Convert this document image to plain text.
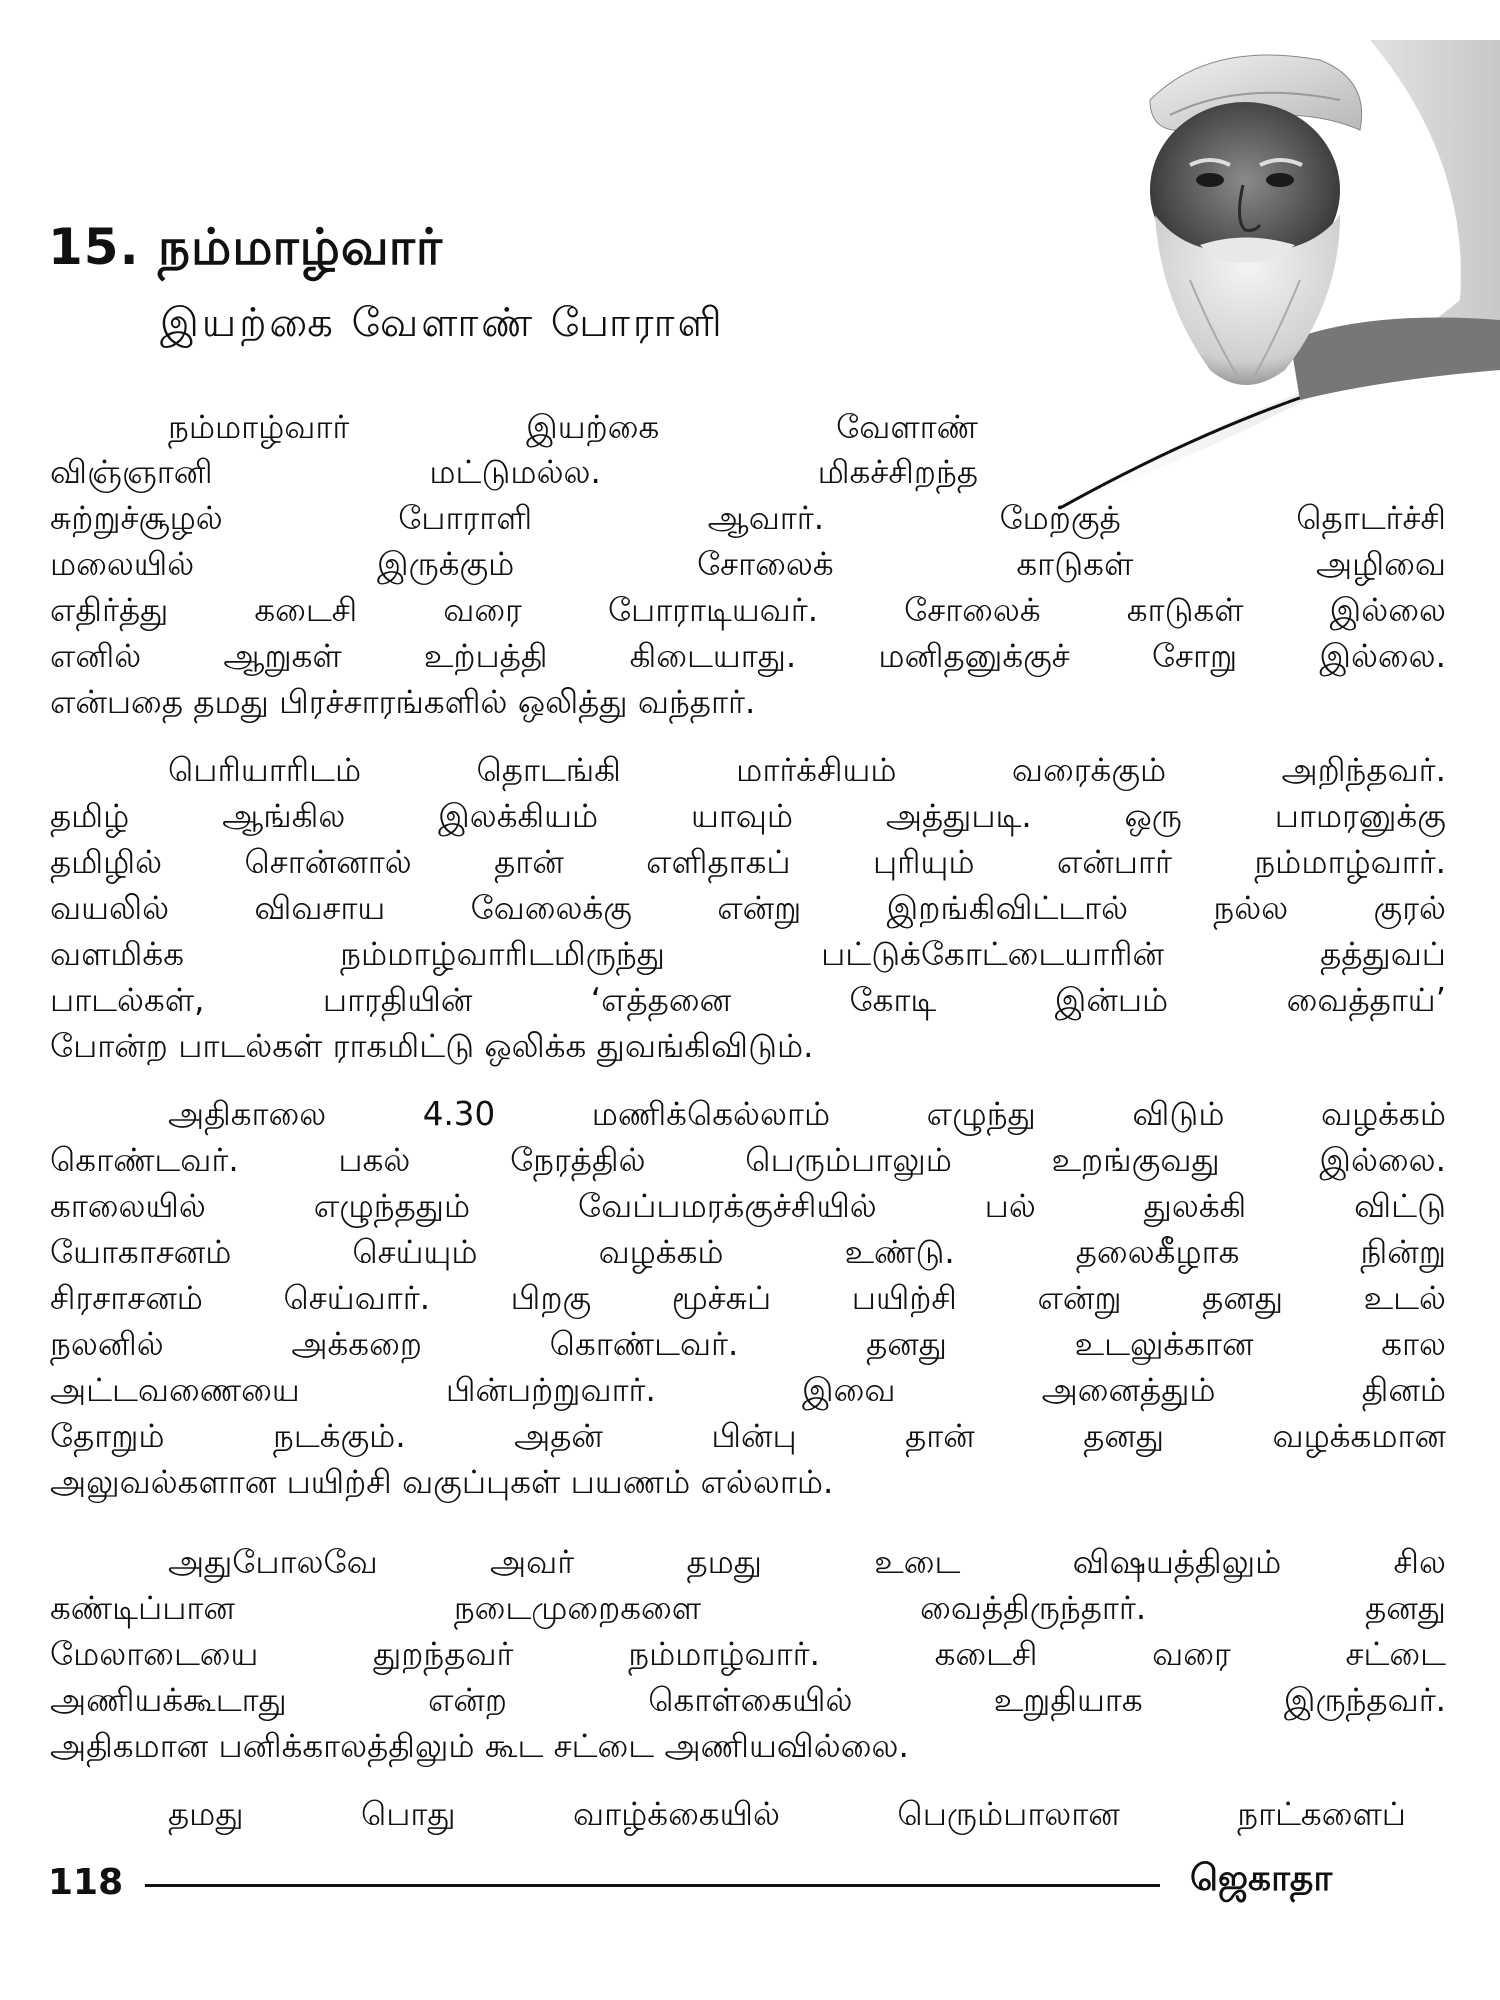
15. நம்மாழ்வார்
இயற்கை வேளாண் போராளி
நம்மாழ்வார் இயற்கை வேளாண்
விஞ்ஞானி மட்டுமல்ல. மிகச்சிறந்த
சுற்றுச்சூழல் போராளி ஆவார். மேற்குத் தொடர்ச்சி
மலையில் இருக்கும் சோலைக் காடுகள் அழிவை
எதிர்த்து கடைசி வரை போராடியவர். சோலைக் காடுகள் இல்லை
எனில் ஆறுகள் உற்பத்தி கிடையாது. மனிதனுக்குச் சோறு இல்லை.
என்பதை தமது பிரச்சாரங்களில் ஒலித்து வந்தார்.
பெரியாரிடம் தொடங்கி மார்க்சியம் வரைக்கும் அறிந்தவர்.
தமிழ் ஆங்கில இலக்கியம் யாவும் அத்துபடி. ஒரு பாமரனுக்கு
தமிழில் சொன்னால் தான் எளிதாகப் புரியும் என்பார் நம்மாழ்வார்.
வயலில் விவசாய வேலைக்கு என்று இறங்கிவிட்டால் நல்ல குரல்
வளமிக்க நம்மாழ்வாரிடமிருந்து பட்டுக்கோட்டையாரின் தத்துவப்
பாடல்கள், பாரதியின் ‘எத்தனை கோடி இன்பம் வைத்தாய்’
போன்ற பாடல்கள் ராகமிட்டு ஒலிக்க துவங்கிவிடும்.
அதிகாலை 4.30 மணிக்கெல்லாம் எழுந்து விடும் வழக்கம்
கொண்டவர். பகல் நேரத்தில் பெரும்பாலும் உறங்குவது இல்லை.
காலையில் எழுந்ததும் வேப்பமரக்குச்சியில் பல் துலக்கி விட்டு
யோகாசனம் செய்யும் வழக்கம் உண்டு. தலைகீழாக நின்று
சிரசாசனம் செய்வார். பிறகு மூச்சுப் பயிற்சி என்று தனது உடல்
நலனில் அக்கறை கொண்டவர். தனது உடலுக்கான கால
அட்டவணையை பின்பற்றுவார். இவை அனைத்தும் தினம்
தோறும் நடக்கும். அதன் பின்பு தான் தனது வழக்கமான
அலுவல்களான பயிற்சி வகுப்புகள் பயணம் எல்லாம்.
அதுபோலவே அவர் தமது உடை விஷயத்திலும் சில
கண்டிப்பான நடைமுறைகளை வைத்திருந்தார். தனது
மேலாடையை துறந்தவர் நம்மாழ்வார். கடைசி வரை சட்டை
அணியக்கூடாது என்ற கொள்கையில் உறுதியாக இருந்தவர்.
அதிகமான பனிக்காலத்திலும் கூட சட்டை அணியவில்லை.
தமது பொது வாழ்க்கையில் பெரும்பாலான நாட்களைப்
118	ஜெகாதா
